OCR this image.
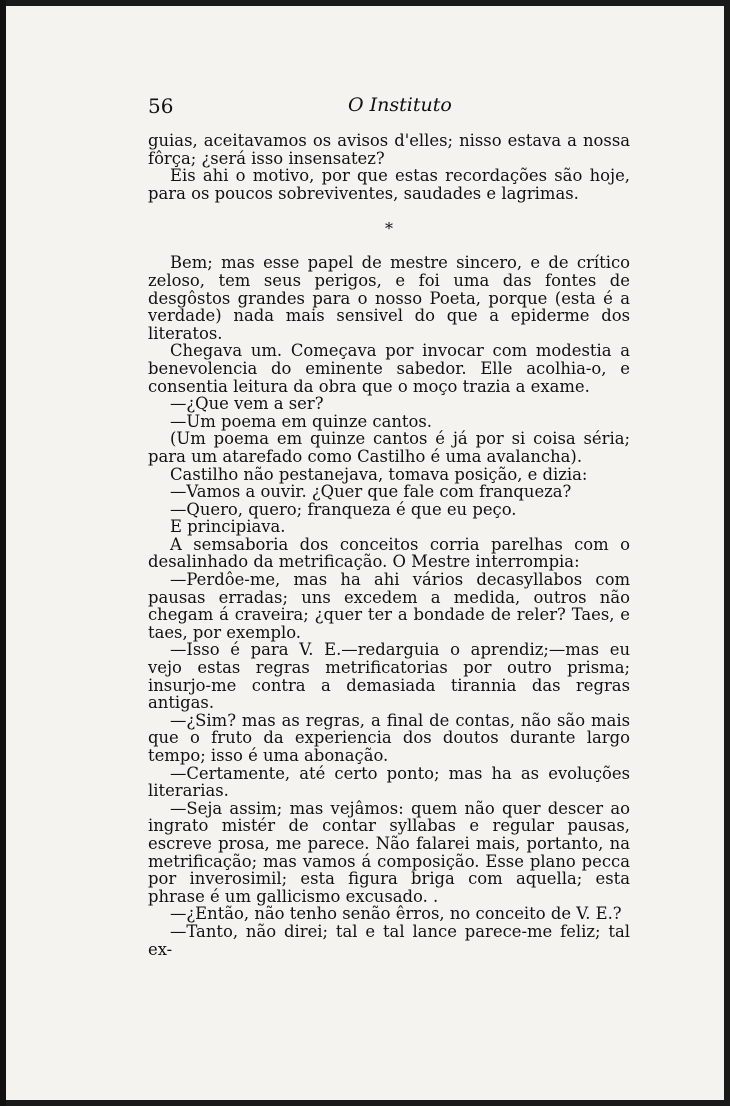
56	O Instituto

guias, aceitavamos os avisos d'elles; nisso estava a nossa fôrça; ¿será isso insensatez?

Eis ahi o motivo, por que estas recordações são hoje, para os poucos sobreviventes, saudades e lagrimas.

*

Bem; mas esse papel de mestre sincero, e de crítico zeloso, tem seus perigos, e foi uma das fontes de desgôstos grandes para o nosso Poeta, porque (esta é a verdade) nada mais sensivel do que a epiderme dos literatos.

Chegava um. Começava por invocar com modestia a benevolencia do eminente sabedor. Elle acolhia-o, e consentia leitura da obra que o moço trazia a exame.

—¿Que vem a ser?

—Um poema em quinze cantos.

(Um poema em quinze cantos é já por si coisa séria; para um atarefado como Castilho é uma avalancha).

Castilho não pestanejava, tomava posição, e dizia:

—Vamos a ouvir. ¿Quer que fale com franqueza?

—Quero, quero; franqueza é que eu peço.

E principiava.

A semsaboria dos conceitos corria parelhas com o desalinhado da metrificação. O Mestre interrompia:

—Perdôe-me, mas ha ahi vários decasyllabos com pausas erradas; uns excedem a medida, outros não chegam á craveira; ¿quer ter a bondade de reler? Taes, e taes, por exemplo.

—Isso é para V. E.—redarguia o aprendiz;—mas eu vejo estas regras metrificatorias por outro prisma; insurjo-me contra a demasiada tirannia das regras antigas.

—¿Sim? mas as regras, a final de contas, não são mais que o fruto da experiencia dos doutos durante largo tempo; isso é uma abonação.

—Certamente, até certo ponto; mas ha as evoluções literarias.

—Seja assim; mas vejâmos: quem não quer descer ao ingrato mistér de contar syllabas e regular pausas, escreve prosa, me parece. Não falarei mais, portanto, na metrificação; mas vamos á composição. Esse plano pecca por inverosimil; esta figura briga com aquella; esta phrase é um gallicismo excusado. .

—¿Então, não tenho senão êrros, no conceito de V. E.?

—Tanto, não direi; tal e tal lance parece-me feliz; tal ex-
